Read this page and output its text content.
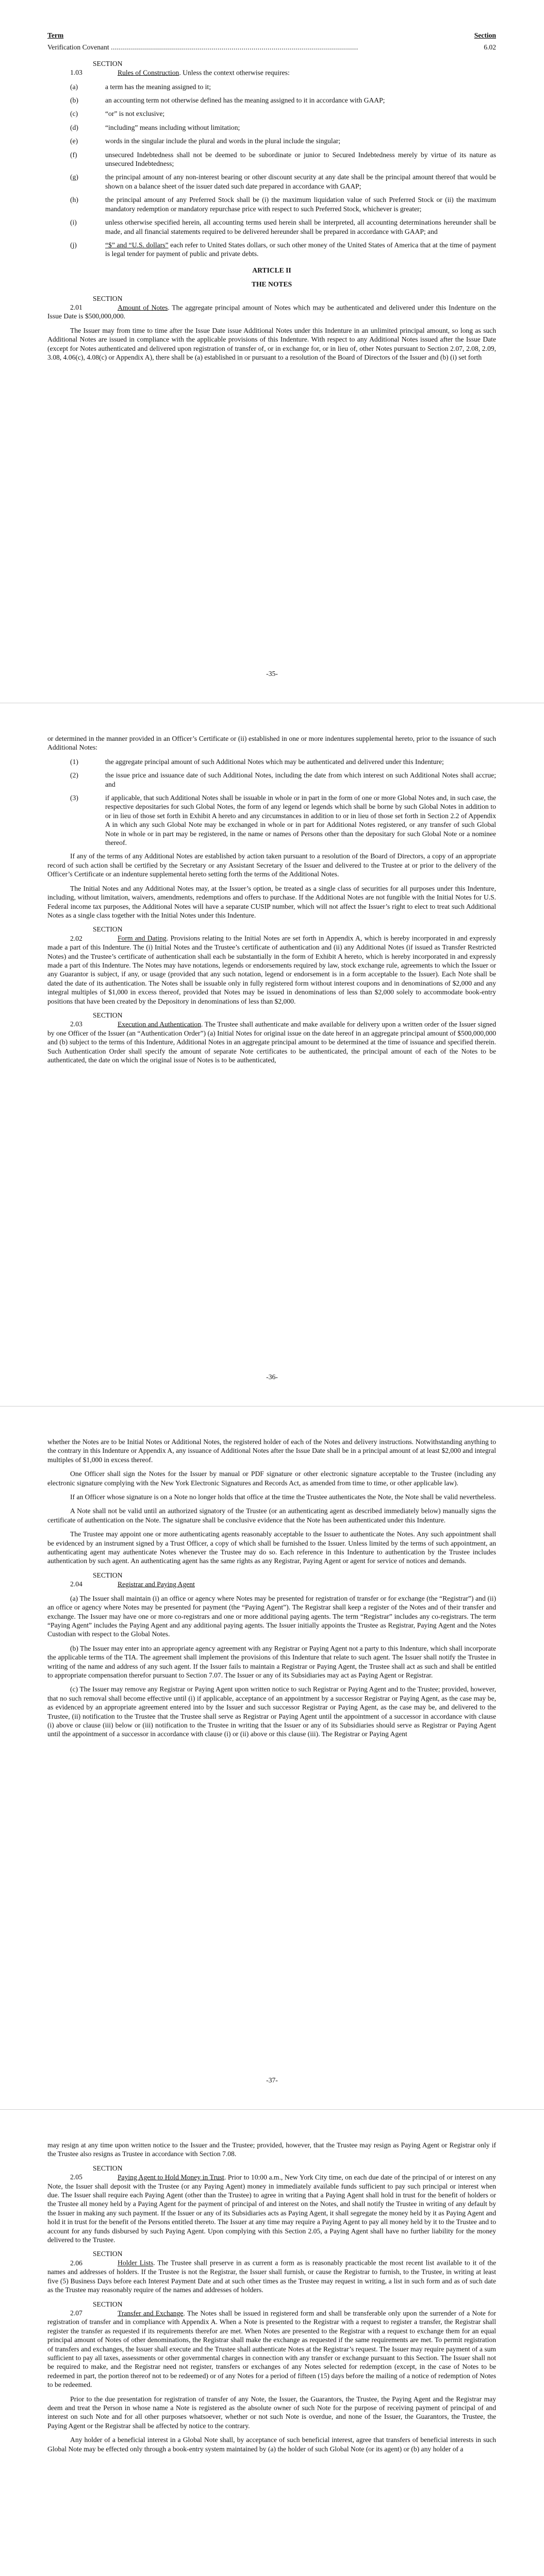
Term	Section
Verification Covenant ...........................................................................................................................	6.02

SECTION 1.03	Rules of Construction. Unless the context otherwise requires:

(a)	a term has the meaning assigned to it;
(b)	an accounting term not otherwise defined has the meaning assigned to it in accordance with GAAP;
(c)	“or” is not exclusive;
(d)	“including” means including without limitation;
(e)	words in the singular include the plural and words in the plural include the singular;
(f)	unsecured Indebtedness shall not be deemed to be subordinate or junior to Secured Indebtedness merely by virtue of its nature as unsecured Indebtedness;
(g)	the principal amount of any non-interest bearing or other discount security at any date shall be the principal amount thereof that would be shown on a balance sheet of the issuer dated such date prepared in accordance with GAAP;
(h)	the principal amount of any Preferred Stock shall be (i) the maximum liquidation value of such Preferred Stock or (ii) the maximum mandatory redemption or mandatory repurchase price with respect to such Preferred Stock, whichever is greater;
(i)	unless otherwise specified herein, all accounting terms used herein shall be interpreted, all accounting determinations hereunder shall be made, and all financial statements required to be delivered hereunder shall be prepared in accordance with GAAP; and
(j)	“$” and “U.S. dollars” each refer to United States dollars, or such other money of the United States of America that at the time of payment is legal tender for payment of public and private debts.
ARTICLE II
THE NOTES

SECTION 2.01	Amount of Notes. The aggregate principal amount of Notes which may be authenticated and delivered under this Indenture on the Issue Date is $500,000,000.

The Issuer may from time to time after the Issue Date issue Additional Notes under this Indenture in an unlimited principal amount, so long as such Additional Notes are issued in compliance with the applicable provisions of this Indenture. With respect to any Additional Notes issued after the Issue Date (except for Notes authenticated and delivered upon registration of transfer of, or in exchange for, or in lieu of, other Notes pursuant to Section 2.07, 2.08, 2.09, 3.08, 4.06(c), 4.08(c) or Appendix A), there shall be (a) established in or pursuant to a resolution of the Board of Directors of the Issuer and (b) (i) set forth

-35-

or determined in the manner provided in an Officer’s Certificate or (ii) established in one or more indentures supplemental hereto, prior to the issuance of such Additional Notes:

(1)	the aggregate principal amount of such Additional Notes which may be authenticated and delivered under this Indenture;
(2)	the issue price and issuance date of such Additional Notes, including the date from which interest on such Additional Notes shall accrue; and
(3)	if applicable, that such Additional Notes shall be issuable in whole or in part in the form of one or more Global Notes and, in such case, the respective depositaries for such Global Notes, the form of any legend or legends which shall be borne by such Global Notes in addition to or in lieu of those set forth in Exhibit A hereto and any circumstances in addition to or in lieu of those set forth in Section 2.2 of Appendix A in which any such Global Note may be exchanged in whole or in part for Additional Notes registered, or any transfer of such Global Note in whole or in part may be registered, in the name or names of Persons other than the depositary for such Global Note or a nominee thereof.

If any of the terms of any Additional Notes are established by action taken pursuant to a resolution of the Board of Directors, a copy of an appropriate record of such action shall be certified by the Secretary or any Assistant Secretary of the Issuer and delivered to the Trustee at or prior to the delivery of the Officer’s Certificate or an indenture supplemental hereto setting forth the terms of the Additional Notes.

The Initial Notes and any Additional Notes may, at the Issuer’s option, be treated as a single class of securities for all purposes under this Indenture, including, without limitation, waivers, amendments, redemptions and offers to purchase. If the Additional Notes are not fungible with the Initial Notes for U.S. Federal income tax purposes, the Additional Notes will have a separate CUSIP number, which will not affect the Issuer’s right to elect to treat such Additional Notes as a single class together with the Initial Notes under this Indenture.

SECTION 2.02	Form and Dating. Provisions relating to the Initial Notes are set forth in Appendix A, which is hereby incorporated in and expressly made a part of this Indenture. The (i) Initial Notes and the Trustee’s certificate of authentication and (ii) any Additional Notes (if issued as Transfer Restricted Notes) and the Trustee’s certificate of authentication shall each be substantially in the form of Exhibit A hereto, which is hereby incorporated in and expressly made a part of this Indenture. The Notes may have notations, legends or endorsements required by law, stock exchange rule, agreements to which the Issuer or any Guarantor is subject, if any, or usage (provided that any such notation, legend or endorsement is in a form acceptable to the Issuer). Each Note shall be dated the date of its authentication. The Notes shall be issuable only in fully registered form without interest coupons and in denominations of $2,000 and any integral multiples of $1,000 in excess thereof, provided that Notes may be issued in denominations of less than $2,000 solely to accommodate book-entry positions that have been created by the Depository in denominations of less than $2,000.

SECTION 2.03	Execution and Authentication. The Trustee shall authenticate and make available for delivery upon a written order of the Issuer signed by one Officer of the Issuer (an “Authentication Order”) (a) Initial Notes for original issue on the date hereof in an aggregate principal amount of $500,000,000 and (b) subject to the terms of this Indenture, Additional Notes in an aggregate principal amount to be determined at the time of issuance and specified therein. Such Authentication Order shall specify the amount of separate Note certificates to be authenticated, the principal amount of each of the Notes to be authenticated, the date on which the original issue of Notes is to be authenticated,

-36-

whether the Notes are to be Initial Notes or Additional Notes, the registered holder of each of the Notes and delivery instructions. Notwithstanding anything to the contrary in this Indenture or Appendix A, any issuance of Additional Notes after the Issue Date shall be in a principal amount of at least $2,000 and integral multiples of $1,000 in excess thereof.

One Officer shall sign the Notes for the Issuer by manual or PDF signature or other electronic signature acceptable to the Trustee (including any electronic signature complying with the New York Electronic Signatures and Records Act, as amended from time to time, or other applicable law).

If an Officer whose signature is on a Note no longer holds that office at the time the Trustee authenticates the Note, the Note shall be valid nevertheless.

A Note shall not be valid until an authorized signatory of the Trustee (or an authenticating agent as described immediately below) manually signs the certificate of authentication on the Note. The signature shall be conclusive evidence that the Note has been authenticated under this Indenture.

The Trustee may appoint one or more authenticating agents reasonably acceptable to the Issuer to authenticate the Notes. Any such appointment shall be evidenced by an instrument signed by a Trust Officer, a copy of which shall be furnished to the Issuer. Unless limited by the terms of such appointment, an authenticating agent may authenticate Notes whenever the Trustee may do so. Each reference in this Indenture to authentication by the Trustee includes authentication by such agent. An authenticating agent has the same rights as any Registrar, Paying Agent or agent for service of notices and demands.

SECTION 2.04	Registrar and Paying Agent

(a) The Issuer shall maintain (i) an office or agency where Notes may be presented for registration of transfer or for exchange (the “Registrar”) and (ii) an office or agency where Notes may be presented for payment (the “Paying Agent”). The Registrar shall keep a register of the Notes and of their transfer and exchange. The Issuer may have one or more co-registrars and one or more additional paying agents. The term “Registrar” includes any co-registrars. The term “Paying Agent” includes the Paying Agent and any additional paying agents. The Issuer initially appoints the Trustee as Registrar, Paying Agent and the Notes Custodian with respect to the Global Notes.

(b) The Issuer may enter into an appropriate agency agreement with any Registrar or Paying Agent not a party to this Indenture, which shall incorporate the applicable terms of the TIA. The agreement shall implement the provisions of this Indenture that relate to such agent. The Issuer shall notify the Trustee in writing of the name and address of any such agent. If the Issuer fails to maintain a Registrar or Paying Agent, the Trustee shall act as such and shall be entitled to appropriate compensation therefor pursuant to Section 7.07. The Issuer or any of its Subsidiaries may act as Paying Agent or Registrar.

(c) The Issuer may remove any Registrar or Paying Agent upon written notice to such Registrar or Paying Agent and to the Trustee; provided, however, that no such removal shall become effective until (i) if applicable, acceptance of an appointment by a successor Registrar or Paying Agent, as the case may be, as evidenced by an appropriate agreement entered into by the Issuer and such successor Registrar or Paying Agent, as the case may be, and delivered to the Trustee, (ii) notification to the Trustee that the Trustee shall serve as Registrar or Paying Agent until the appointment of a successor in accordance with clause (i) above or clause (iii) below or (iii) notification to the Trustee in writing that the Issuer or any of its Subsidiaries should serve as Registrar or Paying Agent until the appointment of a successor in accordance with clause (i) or (ii) above or this clause (iii). The Registrar or Paying Agent

-37-

may resign at any time upon written notice to the Issuer and the Trustee; provided, however, that the Trustee may resign as Paying Agent or Registrar only if the Trustee also resigns as Trustee in accordance with Section 7.08.

SECTION 2.05	Paying Agent to Hold Money in Trust. Prior to 10:00 a.m., New York City time, on each due date of the principal of or interest on any Note, the Issuer shall deposit with the Trustee (or any Paying Agent) money in immediately available funds sufficient to pay such principal or interest when due. The Issuer shall require each Paying Agent (other than the Trustee) to agree in writing that a Paying Agent shall hold in trust for the benefit of holders or the Trustee all money held by a Paying Agent for the payment of principal of and interest on the Notes, and shall notify the Trustee in writing of any default by the Issuer in making any such payment. If the Issuer or any of its Subsidiaries acts as Paying Agent, it shall segregate the money held by it as Paying Agent and hold it in trust for the benefit of the Persons entitled thereto. The Issuer at any time may require a Paying Agent to pay all money held by it to the Trustee and to account for any funds disbursed by such Paying Agent. Upon complying with this Section 2.05, a Paying Agent shall have no further liability for the money delivered to the Trustee.

SECTION 2.06	Holder Lists. The Trustee shall preserve in as current a form as is reasonably practicable the most recent list available to it of the names and addresses of holders. If the Trustee is not the Registrar, the Issuer shall furnish, or cause the Registrar to furnish, to the Trustee, in writing at least five (5) Business Days before each Interest Payment Date and at such other times as the Trustee may request in writing, a list in such form and as of such date as the Trustee may reasonably require of the names and addresses of holders.

SECTION 2.07	Transfer and Exchange. The Notes shall be issued in registered form and shall be transferable only upon the surrender of a Note for registration of transfer and in compliance with Appendix A. When a Note is presented to the Registrar with a request to register a transfer, the Registrar shall register the transfer as requested if its requirements therefor are met. When Notes are presented to the Registrar with a request to exchange them for an equal principal amount of Notes of other denominations, the Registrar shall make the exchange as requested if the same requirements are met. To permit registration of transfers and exchanges, the Issuer shall execute and the Trustee shall authenticate Notes at the Registrar’s request. The Issuer may require payment of a sum sufficient to pay all taxes, assessments or other governmental charges in connection with any transfer or exchange pursuant to this Section. The Issuer shall not be required to make, and the Registrar need not register, transfers or exchanges of any Notes selected for redemption (except, in the case of Notes to be redeemed in part, the portion thereof not to be redeemed) or of any Notes for a period of fifteen (15) days before the mailing of a notice of redemption of Notes to be redeemed.

Prior to the due presentation for registration of transfer of any Note, the Issuer, the Guarantors, the Trustee, the Paying Agent and the Registrar may deem and treat the Person in whose name a Note is registered as the absolute owner of such Note for the purpose of receiving payment of principal of and interest on such Note and for all other purposes whatsoever, whether or not such Note is overdue, and none of the Issuer, the Guarantors, the Trustee, the Paying Agent or the Registrar shall be affected by notice to the contrary.

Any holder of a beneficial interest in a Global Note shall, by acceptance of such beneficial interest, agree that transfers of beneficial interests in such Global Note may be effected only through a book-entry system maintained by (a) the holder of such Global Note (or its agent) or (b) any holder of a
